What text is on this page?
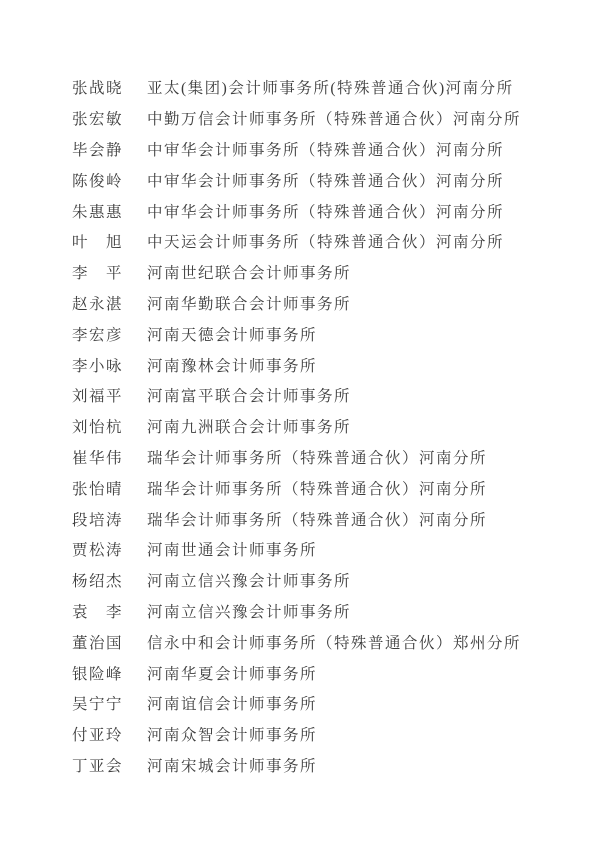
张战晓 亚太(集团)会计师事务所(特殊普通合伙)河南分所
张宏敏 中勤万信会计师事务所（特殊普通合伙）河南分所
毕会静 中审华会计师事务所（特殊普通合伙）河南分所
陈俊岭 中审华会计师事务所（特殊普通合伙）河南分所
朱惠惠 中审华会计师事务所（特殊普通合伙）河南分所
叶　旭 中天运会计师事务所（特殊普通合伙）河南分所
李　平 河南世纪联合会计师事务所
赵永湛 河南华勤联合会计师事务所
李宏彦 河南天德会计师事务所
李小咏 河南豫林会计师事务所
刘福平 河南富平联合会计师事务所
刘怡杭 河南九洲联合会计师事务所
崔华伟 瑞华会计师事务所（特殊普通合伙）河南分所
张怡晴 瑞华会计师事务所（特殊普通合伙）河南分所
段培涛 瑞华会计师事务所（特殊普通合伙）河南分所
贾松涛 河南世通会计师事务所
杨绍杰 河南立信兴豫会计师事务所
袁　李 河南立信兴豫会计师事务所
董治国 信永中和会计师事务所（特殊普通合伙）郑州分所
银险峰 河南华夏会计师事务所
吴宁宁 河南谊信会计师事务所
付亚玲 河南众智会计师事务所
丁亚会 河南宋城会计师事务所
